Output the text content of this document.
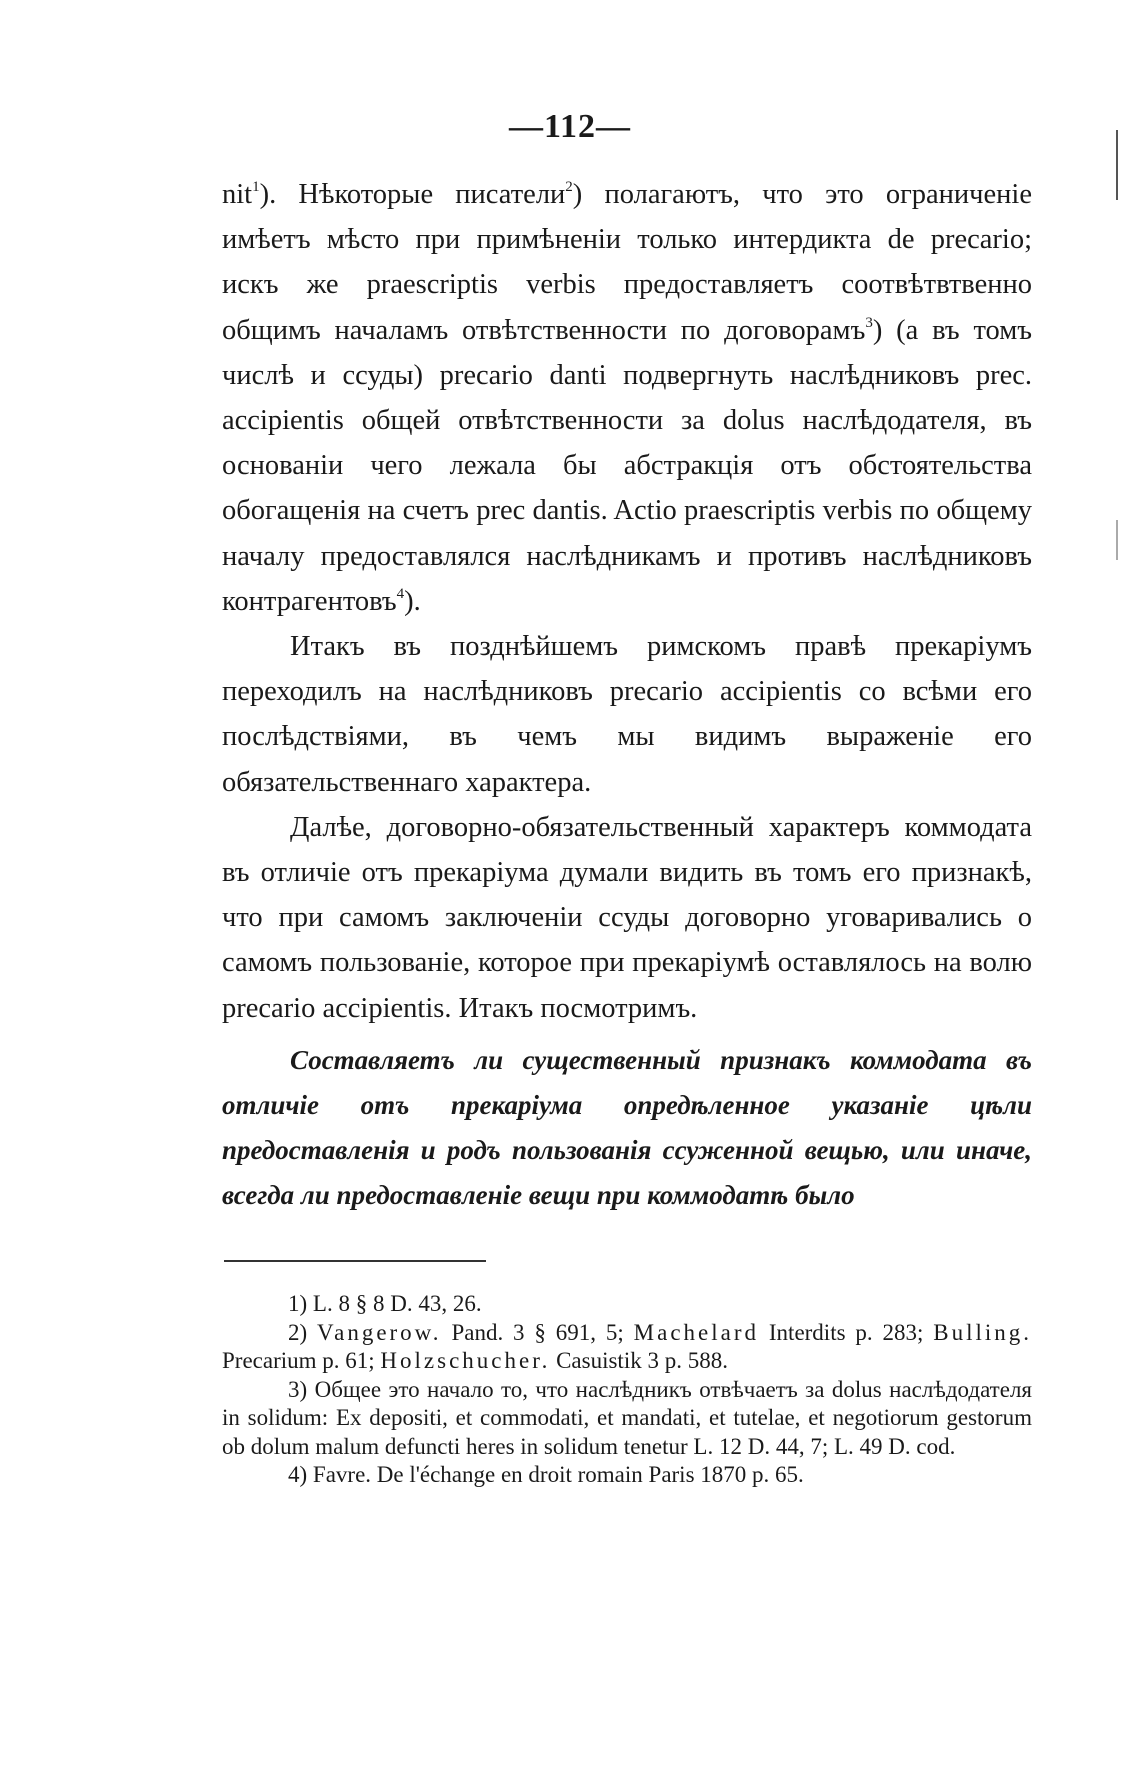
—112—

nit$^1$). Нѣкоторые писатели$^2$) полагаютъ, что это ограниченіе имѣетъ мѣсто при примѣненіи только интердикта de precario; искъ же praescriptis verbis предоставляетъ соотвѣтвтвенно общимъ началамъ отвѣтственности по договорамъ$^3$) (а въ томъ числѣ и ссуды) precario danti подвергнуть наслѣдниковъ prec. accipientis общей отвѣтственности за dolus наслѣдодателя, въ основаніи чего лежала бы абстракція отъ обстоятельства обогащенія на счетъ prec dantis. Actio praescriptis verbis по общему началу предоставлялся наслѣдникамъ и противъ наслѣдниковъ контрагентовъ$^4$).

Итакъ въ позднѣйшемъ римскомъ правѣ прекаріумъ переходилъ на наслѣдниковъ precario accipientis со всѣми его послѣдствіями, въ чемъ мы видимъ выраженіе его обязательственнаго характера.

Далѣе, договорно-обязательственный характеръ коммодата въ отличіе отъ прекаріума думали видить въ томъ его признакѣ, что при самомъ заключеніи ссуды договорно уговаривались о самомъ пользованіе, которое при прекаріумѣ оставлялось на волю precario accipientis. Итакъ посмотримъ.

Составляетъ ли существенный признакъ коммодата въ отличіе отъ прекаріума опредѣленное указаніе цѣли предоставленія и родъ пользованія ссуженной вещью, или иначе, всегда ли предоставленіе вещи при коммодатѣ было

1) L. 8 § 8 D. 43, 26.

2) Vangerow. Pand. 3 § 691, 5; Machelard Interdits p. 283; Bulling. Precarium p. 61; Holzschucher. Casuistik 3 p. 588.

3) Общее это начало то, что наслѣдникъ отвѣчаетъ за dolus наслѣдодателя in solidum: Ex depositi, et commodati, et mandati, et tutelae, et negotiorum gestorum ob dolum malum defuncti heres in solidum tenetur L. 12 D. 44, 7; L. 49 D. cod.

4) Favre. De l'échange en droit romain Paris 1870 p. 65.
